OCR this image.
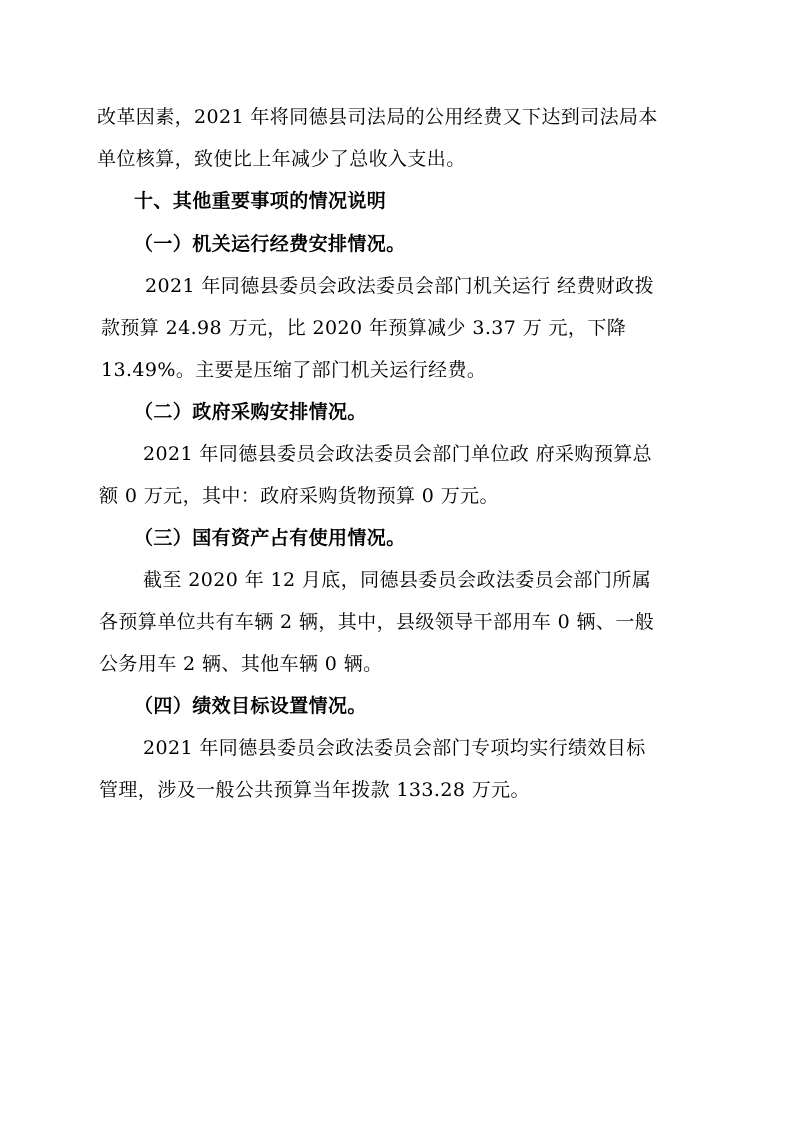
改革因素，2021 年将同德县司法局的公用经费又下达到司法局本
单位核算，致使比上年减少了总收入支出。
十、其他重要事项的情况说明
（一）机关运行经费安排情况。
2021 年同德县委员会政法委员会部门机关运行 经费财政拨
款预算 24.98 万元，比 2020 年预算减少 3.37 万 元，下降
13.49%。主要是压缩了部门机关运行经费。
（二）政府采购安排情况。
2021 年同德县委员会政法委员会部门单位政 府采购预算总
额 0 万元，其中：政府采购货物预算 0 万元。
（三）国有资产占有使用情况。
截至 2020 年 12 月底，同德县委员会政法委员会部门所属
各预算单位共有车辆 2 辆，其中，县级领导干部用车 0 辆、一般
公务用车 2 辆、其他车辆 0 辆。
（四）绩效目标设置情况。
2021 年同德县委员会政法委员会部门专项均实行绩效目标
管理，涉及一般公共预算当年拨款 133.28 万元。
